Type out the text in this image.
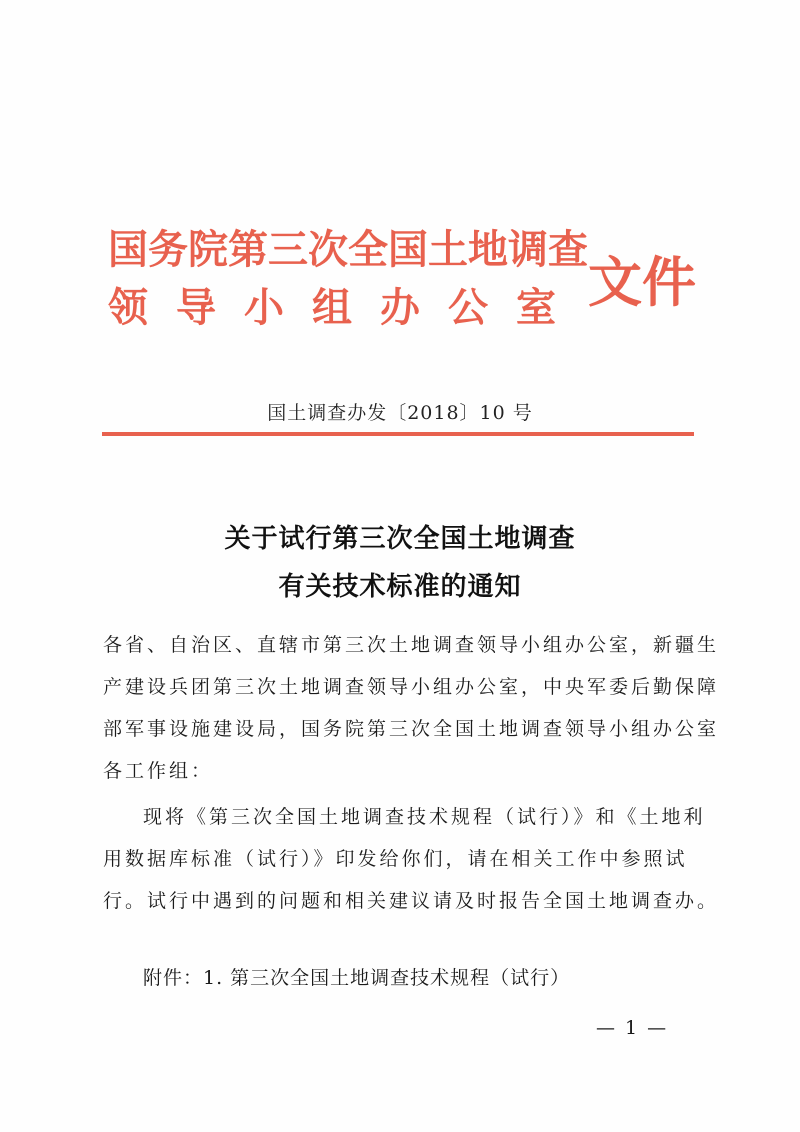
国务院第三次全国土地调查
领 导 小 组 办 公 室 文件
国土调查办发〔2018〕10 号
关于试行第三次全国土地调查
有关技术标准的通知
各省、自治区、直辖市第三次土地调查领导小组办公室，新疆生
产建设兵团第三次土地调查领导小组办公室，中央军委后勤保障
部军事设施建设局，国务院第三次全国土地调查领导小组办公室
各工作组：
现将《第三次全国土地调查技术规程（试行）》和《土地利
用数据库标准（试行）》印发给你们，请在相关工作中参照试
行。试行中遇到的问题和相关建议请及时报告全国土地调查办。
附件：1. 第三次全国土地调查技术规程（试行）
— 1 —
